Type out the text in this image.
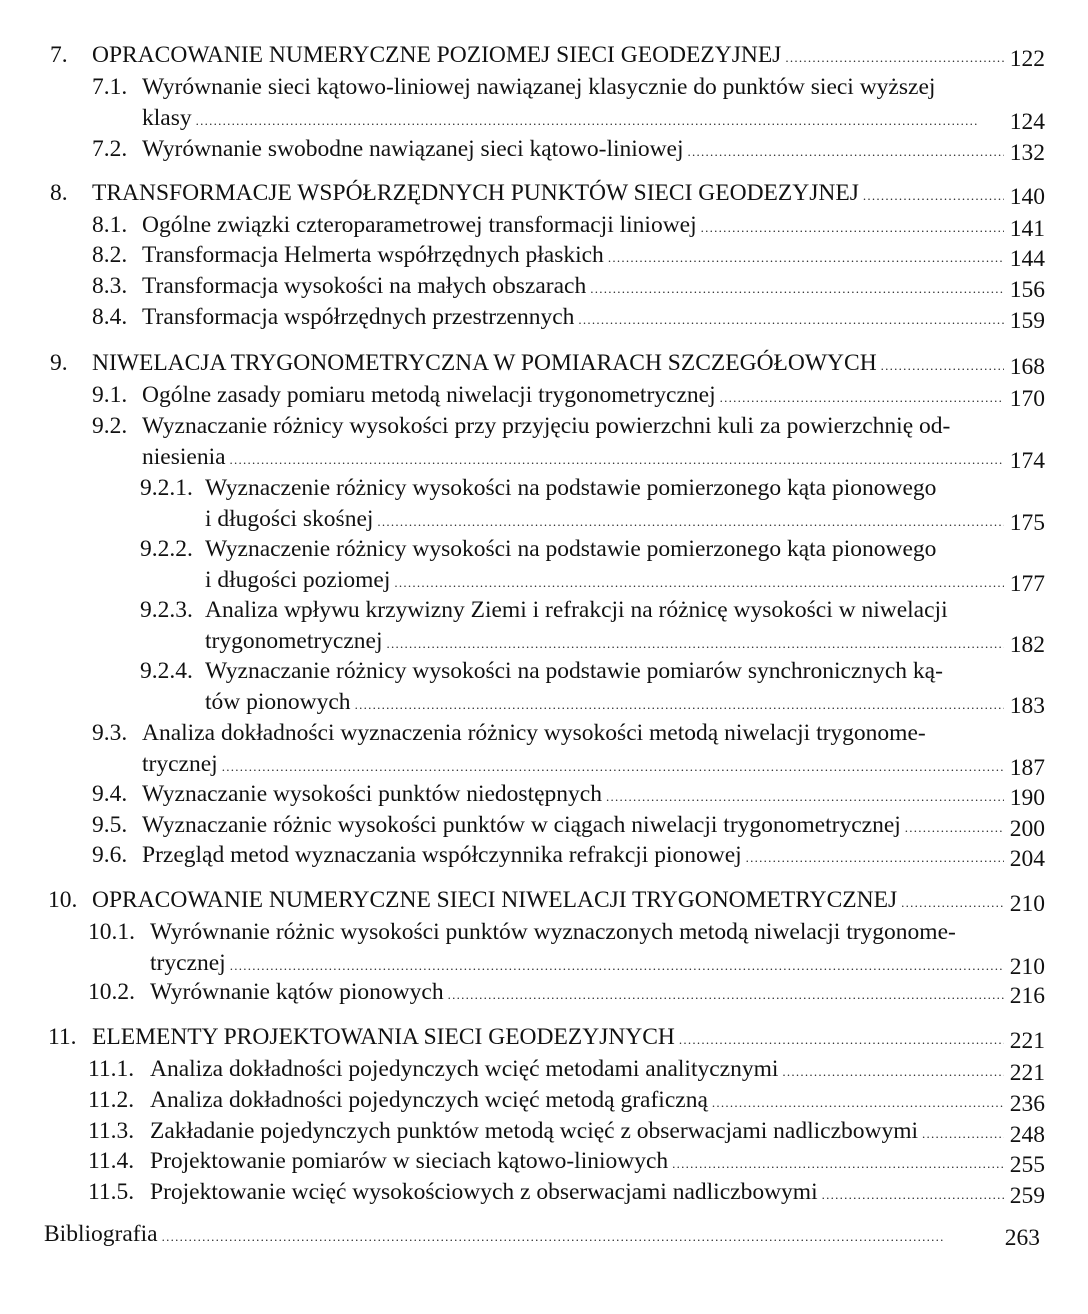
7. OPRACOWANIE NUMERYCZNE POZIOMEJ SIECI GEODEZYJNEJ . . .	122
7.1. Wyrównanie sieci kątowo-liniowej nawiązanej klasycznie do punktów sieci wyższej
klasy . . .	124
7.2. Wyrównanie swobodne nawiązanej sieci kątowo-liniowej . . .	132
8. TRANSFORMACJE WSPÓŁRZĘDNYCH PUNKTÓW SIECI GEODEZYJNEJ . . .	140
8.1. Ogólne związki czteroparametrowej transformacji liniowej . . .	141
8.2. Transformacja Helmerta współrzędnych płaskich . . .	144
8.3. Transformacja wysokości na małych obszarach . . .	156
8.4. Transformacja współrzędnych przestrzennych . . .	159
9. NIWELACJA TRYGONOMETRYCZNA W POMIARACH SZCZEGÓŁOWYCH . . .	168
9.1. Ogólne zasady pomiaru metodą niwelacji trygonometrycznej . . .	170
9.2. Wyznaczanie różnicy wysokości przy przyjęciu powierzchni kuli za powierzchnię od-
niesienia . . .	174
9.2.1. Wyznaczenie różnicy wysokości na podstawie pomierzonego kąta pionowego
i długości skośnej . . .	175
9.2.2. Wyznaczenie różnicy wysokości na podstawie pomierzonego kąta pionowego
i długości poziomej . . .	177
9.2.3. Analiza wpływu krzywizny Ziemi i refrakcji na różnicę wysokości w niwelacji
trygonometrycznej . . .	182
9.2.4. Wyznaczanie różnicy wysokości na podstawie pomiarów synchronicznych ką-
tów pionowych . . .	183
9.3. Analiza dokładności wyznaczenia różnicy wysokości metodą niwelacji trygonome-
trycznej . . .	187
9.4. Wyznaczanie wysokości punktów niedostępnych . . .	190
9.5. Wyznaczanie różnic wysokości punktów w ciągach niwelacji trygonometrycznej . . .	200
9.6. Przegląd metod wyznaczania współczynnika refrakcji pionowej . . .	204
10. OPRACOWANIE NUMERYCZNE SIECI NIWELACJI TRYGONOMETRYCZNEJ . . .	210
10.1. Wyrównanie różnic wysokości punktów wyznaczonych metodą niwelacji trygonome-
trycznej . . .	210
10.2. Wyrównanie kątów pionowych . . .	216
11. ELEMENTY PROJEKTOWANIA SIECI GEODEZYJNYCH . . .	221
11.1. Analiza dokładności pojedynczych wcięć metodami analitycznymi . . .	221
11.2. Analiza dokładności pojedynczych wcięć metodą graficzną . . .	236
11.3. Zakładanie pojedynczych punktów metodą wcięć z obserwacjami nadliczbowymi . . .	248
11.4. Projektowanie pomiarów w sieciach kątowo-liniowych . . .	255
11.5. Projektowanie wcięć wysokościowych z obserwacjami nadliczbowymi . . .	259
Bibliografia . . .	263
